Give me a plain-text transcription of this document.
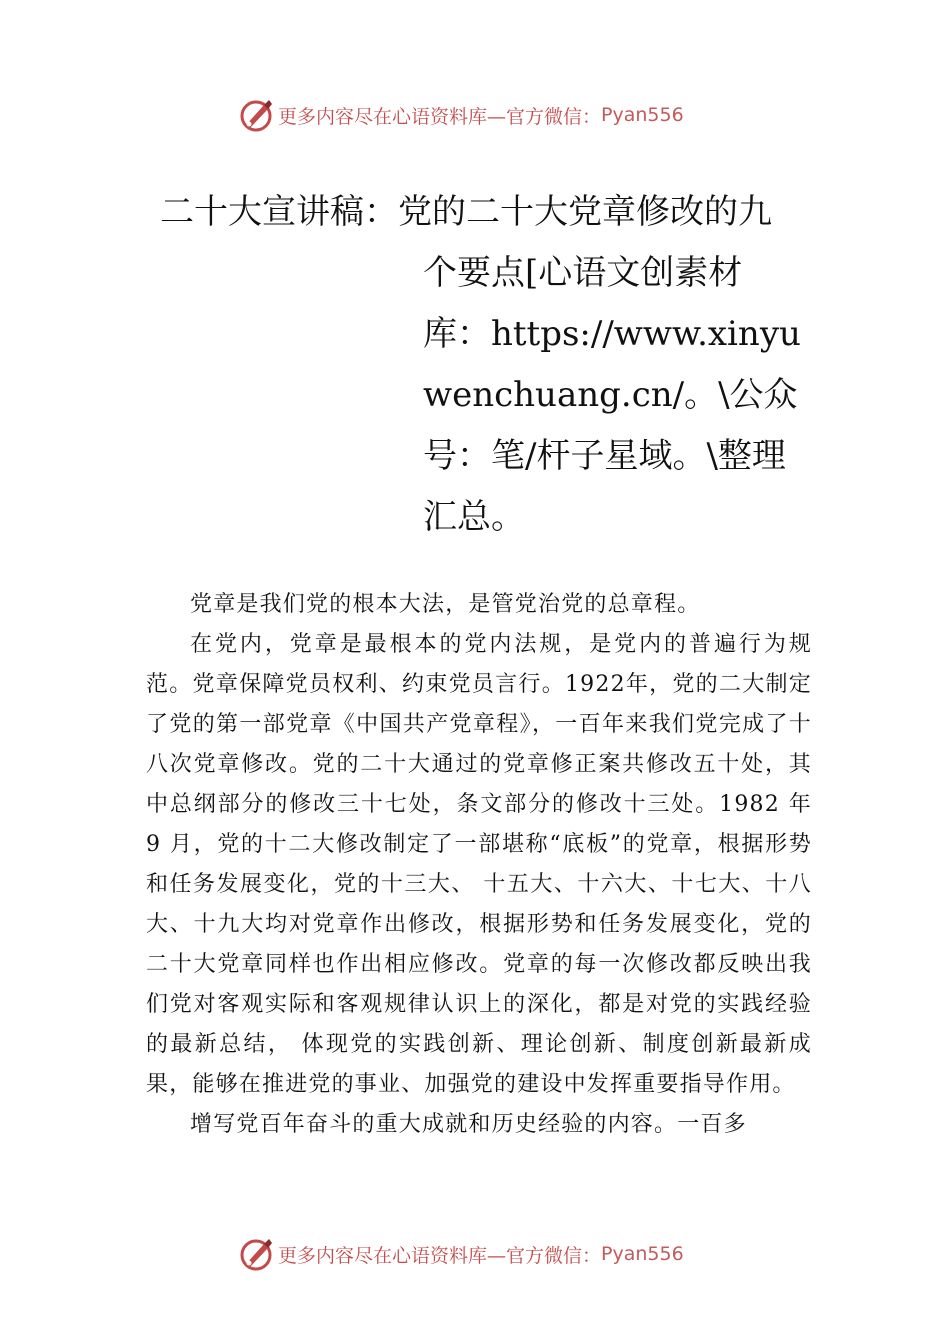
更多内容尽在心语资料库—官方微信： Pyan556
二十大宣讲稿：党的二十大党章修改的九
个要点[心语文创素材库：https://www.xinyuwenchuang.cn/。\公众号：笔/杆子星域。\整理汇总。

党章是我们党的根本大法，是管党治党的总章程。

在党内，党章是最根本的党内法规，是党内的普遍行为规范。党章保障党员权利、约束党员言行。1922年，党的二大制定了党的第一部党章《中国共产党章程》，一百年来我们党完成了十八次党章修改。党的二十大通过的党章修正案共修改五十处，其中总纲部分的修改三十七处，条文部分的修改十三处。1982 年 9 月，党的十二大修改制定了一部堪称“底板”的党章，根据形势和任务发展变化，党的十三大、 十五大、十六大、十七大、十八大、十九大均对党章作出修改，根据形势和任务发展变化，党的二十大党章同样也作出相应修改。党章的每一次修改都反映出我们党对客观实际和客观规律认识上的深化，都是对党的实践经验的最新总结， 体现党的实践创新、理论创新、制度创新最新成果，能够在推进党的事业、加强党的建设中发挥重要指导作用。

增写党百年奋斗的重大成就和历史经验的内容。一百多

更多内容尽在心语资料库—官方微信： Pyan556
